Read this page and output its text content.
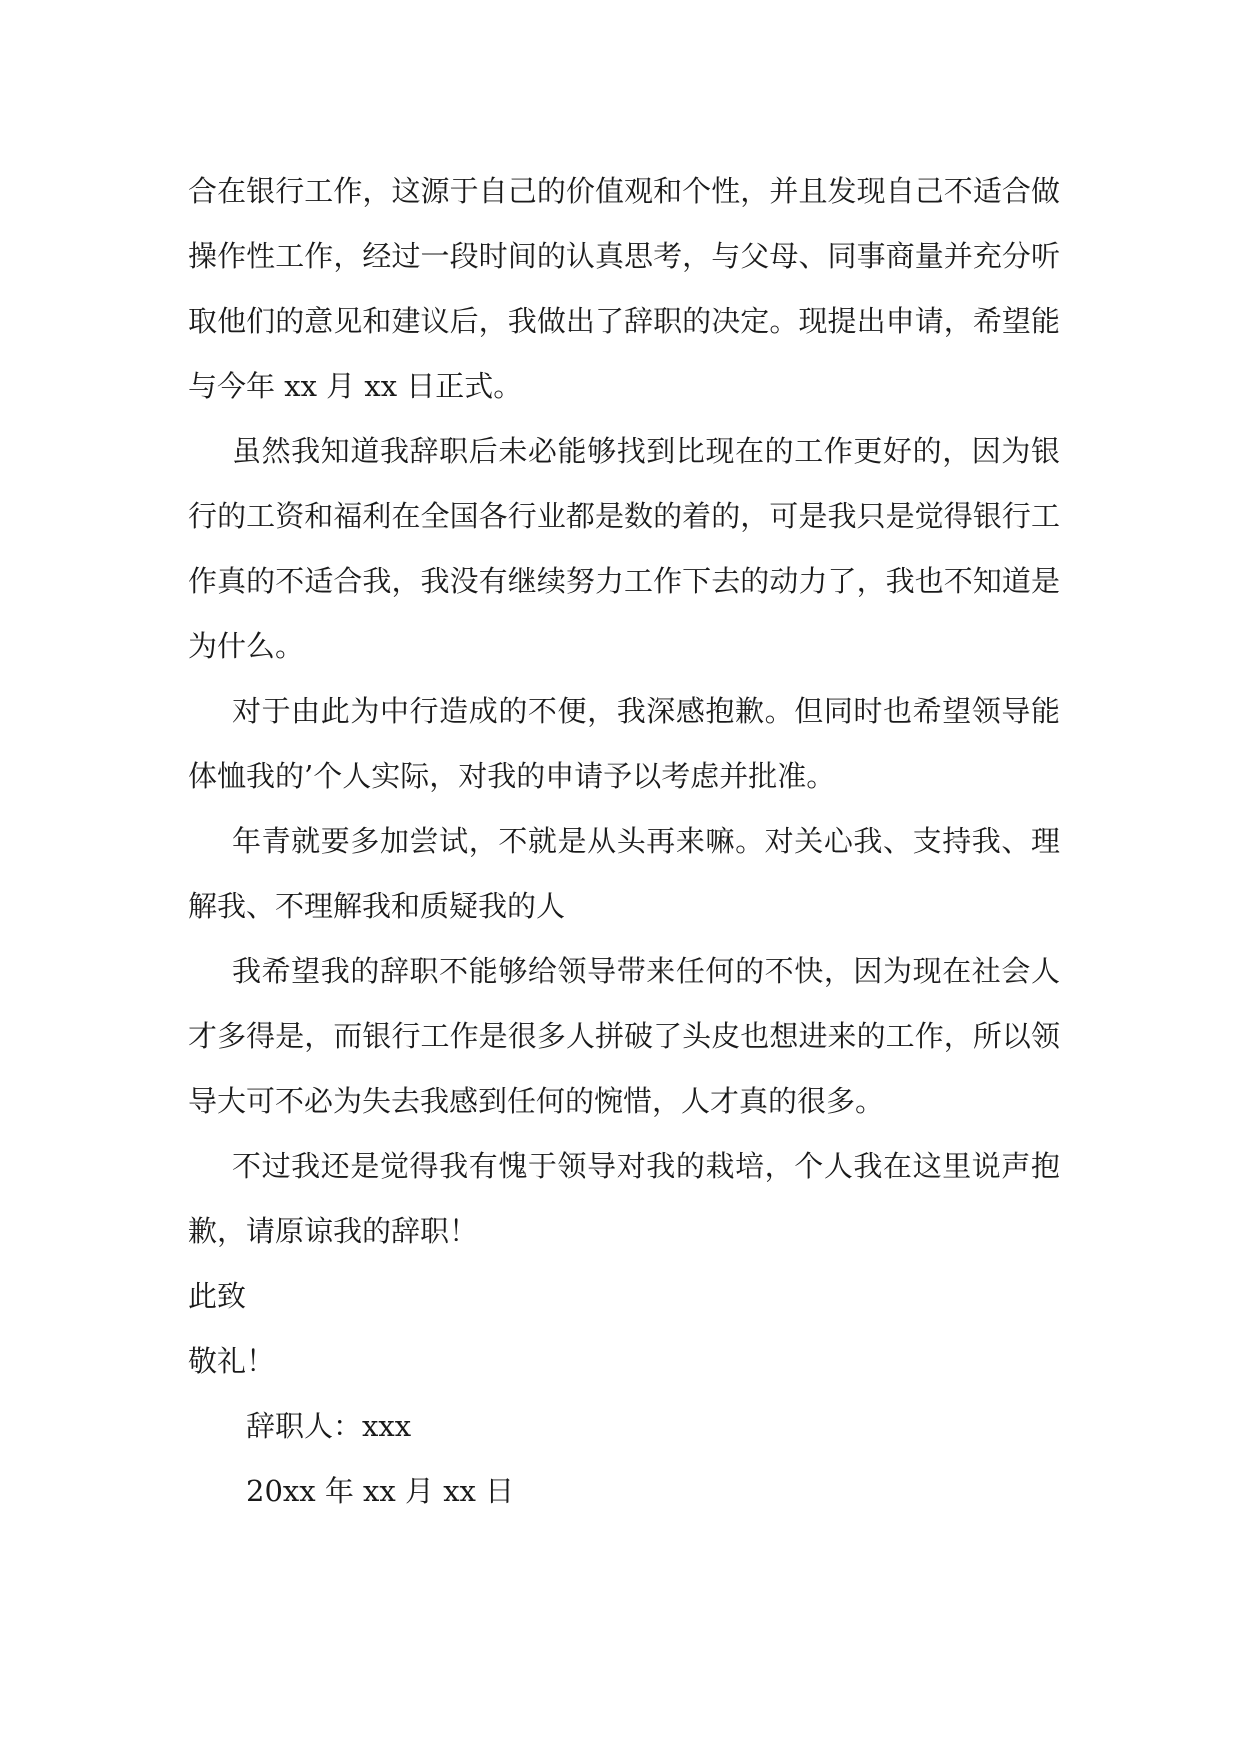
合在银行工作，这源于自己的价值观和个性，并且发现自己不适合做
操作性工作，经过一段时间的认真思考，与父母、同事商量并充分听
取他们的意见和建议后，我做出了辞职的决定。现提出申请，希望能
与今年 xx 月 xx 日正式。
虽然我知道我辞职后未必能够找到比现在的工作更好的，因为银
行的工资和福利在全国各行业都是数的着的，可是我只是觉得银行工
作真的不适合我，我没有继续努力工作下去的动力了，我也不知道是
为什么。
对于由此为中行造成的不便，我深感抱歉。但同时也希望领导能
体恤我的’个人实际，对我的申请予以考虑并批准。
年青就要多加尝试，不就是从头再来嘛。对关心我、支持我、理
解我、不理解我和质疑我的人
我希望我的辞职不能够给领导带来任何的不快，因为现在社会人
才多得是，而银行工作是很多人拼破了头皮也想进来的工作，所以领
导大可不必为失去我感到任何的惋惜，人才真的很多。
不过我还是觉得我有愧于领导对我的栽培，个人我在这里说声抱
歉，请原谅我的辞职！
此致
敬礼！
辞职人：xxx
20xx 年 xx 月 xx 日
